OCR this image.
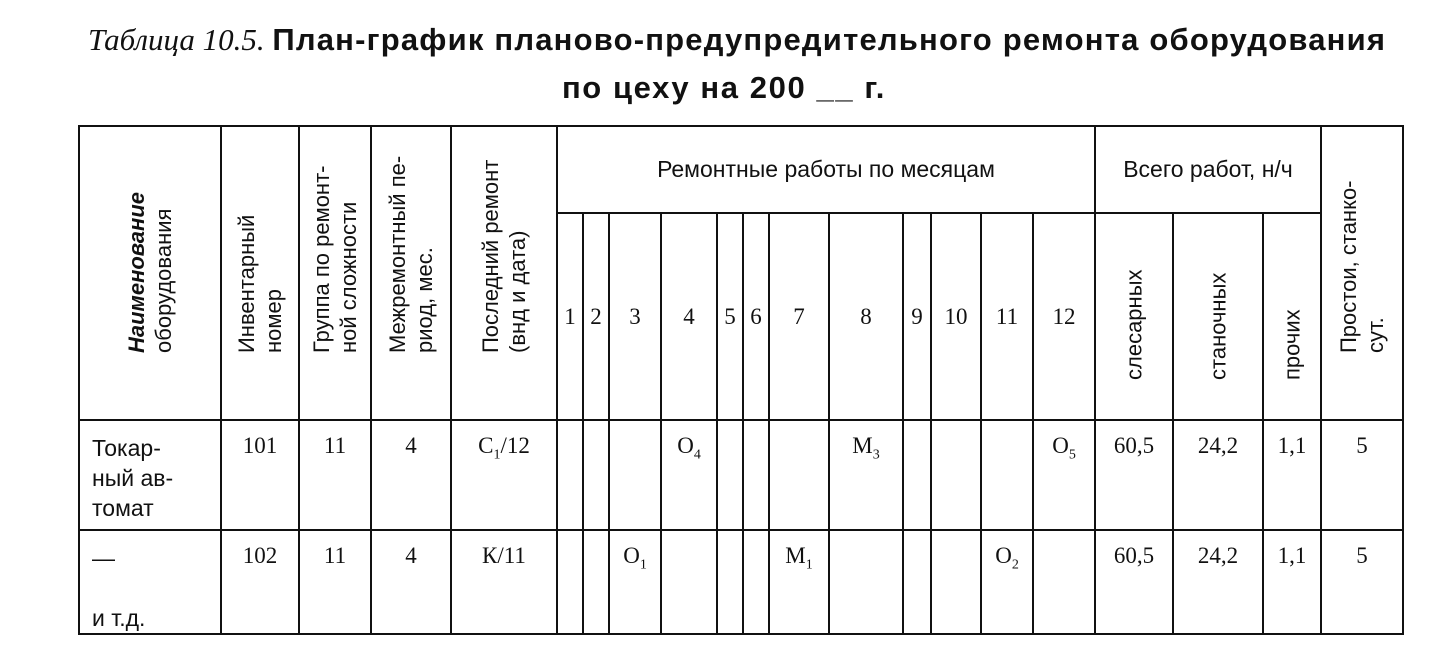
Таблица 10.5. План-график планово-предупредительного ремонта оборудования
по цеху на 200 __ г.
Наименование оборудования	Инвентарный номер	Группа по ремонт- ной сложности	Межремонтный пе- риод, мес.	Последний ремонт (внд и дата)	Ремонтные работы по месяцам												Всего работ, н/ч			Простои, станко- сут.

					1	2	3	4	5	6	7	8	9	10	11	12	слесарных	станочных	прочих	

Токар-
ный ав-
томат	101	11	4	$C_1/12$				$O_4$				$M_3$				$O_5$	60,5	24,2	1,1	5

—

и т.д.	102	11	4	К/11			$O_1$				$M_1$				$O_2$		60,5	24,2	1,1	5
